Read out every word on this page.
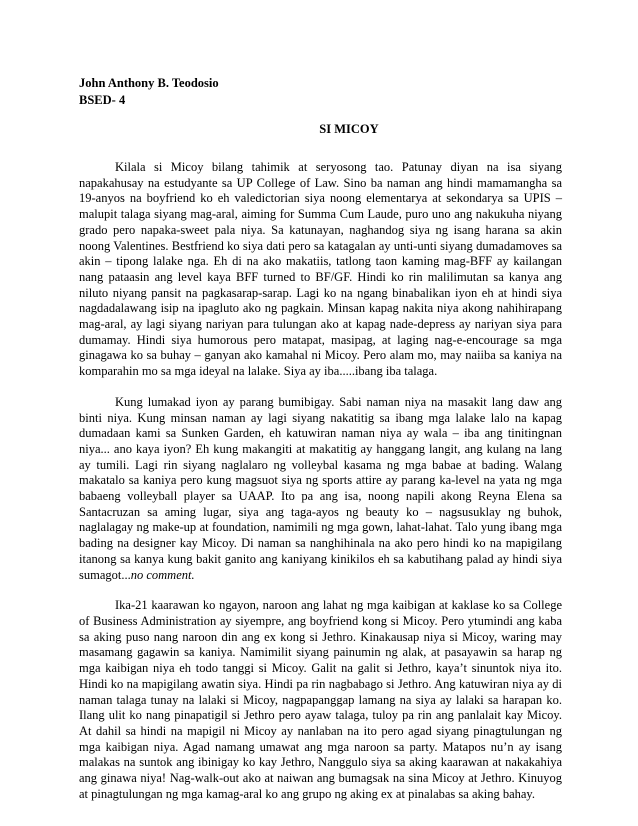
John Anthony B. Teodosio
BSED- 4
SI MICOY

Kilala si Micoy bilang tahimik at seryosong tao. Patunay diyan na isa siyang napakahusay na estudyante sa UP College of Law. Sino ba naman ang hindi mamamangha sa 19-anyos na boyfriend ko eh valedictorian siya noong elementarya at sekondarya sa UPIS – malupit talaga siyang mag-aral, aiming for Summa Cum Laude, puro uno ang nakukuha niyang grado pero napaka-sweet pala niya. Sa katunayan, naghandog siya ng isang harana sa akin noong Valentines. Bestfriend ko siya dati pero sa katagalan ay unti-unti siyang dumadamoves sa akin – tipong lalake nga. Eh di na ako makatiis, tatlong taon kaming mag-BFF ay kailangan nang pataasin ang level kaya BFF turned to BF/GF. Hindi ko rin malilimutan sa kanya ang niluto niyang pansit na pagkasarap-sarap. Lagi ko na ngang binabalikan iyon eh at hindi siya nagdadalawang isip na ipagluto ako ng pagkain. Minsan kapag nakita niya akong nahihirapang mag-aral, ay lagi siyang nariyan para tulungan ako at kapag nade-depress ay nariyan siya para dumamay. Hindi siya humorous pero matapat, masipag, at laging nag-e-encourage sa mga ginagawa ko sa buhay – ganyan ako kamahal ni Micoy. Pero alam mo, may naiiba sa kaniya na komparahin mo sa mga ideyal na lalake. Siya ay iba.....ibang iba talaga.

Kung lumakad iyon ay parang bumibigay. Sabi naman niya na masakit lang daw ang binti niya. Kung minsan naman ay lagi siyang nakatitig sa ibang mga lalake lalo na kapag dumadaan kami sa Sunken Garden, eh katuwiran naman niya ay wala – iba ang tinitingnan niya... ano kaya iyon? Eh kung makangiti at makatitig ay hanggang langit, ang kulang na lang ay tumili. Lagi rin siyang naglalaro ng volleybal kasama ng mga babae at bading. Walang makatalo sa kaniya pero kung magsuot siya ng sports attire ay parang ka-level na yata ng mga babaeng volleyball player sa UAAP. Ito pa ang isa, noong napili akong Reyna Elena sa Santacruzan sa aming lugar, siya ang taga-ayos ng beauty ko – nagsusuklay ng buhok, naglalagay ng make-up at foundation, namimili ng mga gown, lahat-lahat. Talo yung ibang mga bading na designer kay Micoy. Di naman sa nanghihinala na ako pero hindi ko na mapigilang itanong sa kanya kung bakit ganito ang kaniyang kinikilos eh sa kabutihang palad ay hindi siya sumagot...no comment.

Ika-21 kaarawan ko ngayon, naroon ang lahat ng mga kaibigan at kaklase ko sa College of Business Administration ay siyempre, ang boyfriend kong si Micoy. Pero ytumindi ang kaba sa aking puso nang naroon din ang ex kong si Jethro. Kinakausap niya si Micoy, waring may masamang gagawin sa kaniya. Namimilit siyang painumin ng alak, at pasayawin sa harap ng mga kaibigan niya eh todo tanggi si Micoy. Galit na galit si Jethro, kaya’t sinuntok niya ito. Hindi ko na mapigilang awatin siya. Hindi pa rin nagbabago si Jethro. Ang katuwiran niya ay di naman talaga tunay na lalaki si Micoy, nagpapanggap lamang na siya ay lalaki sa harapan ko. Ilang ulit ko nang pinapatigil si Jethro pero ayaw talaga, tuloy pa rin ang panlalait kay Micoy. At dahil sa hindi na mapigil ni Micoy ay nanlaban na ito pero agad siyang pinagtulungan ng mga kaibigan niya. Agad namang umawat ang mga naroon sa party. Matapos nu’n ay isang malakas na suntok ang ibinigay ko kay Jethro, Nanggulo siya sa aking kaarawan at nakakahiya ang ginawa niya! Nag-walk-out ako at naiwan ang bumagsak na sina Micoy at Jethro. Kinuyog at pinagtulungan ng mga kamag-aral ko ang grupo ng aking ex at pinalabas sa aking bahay.
